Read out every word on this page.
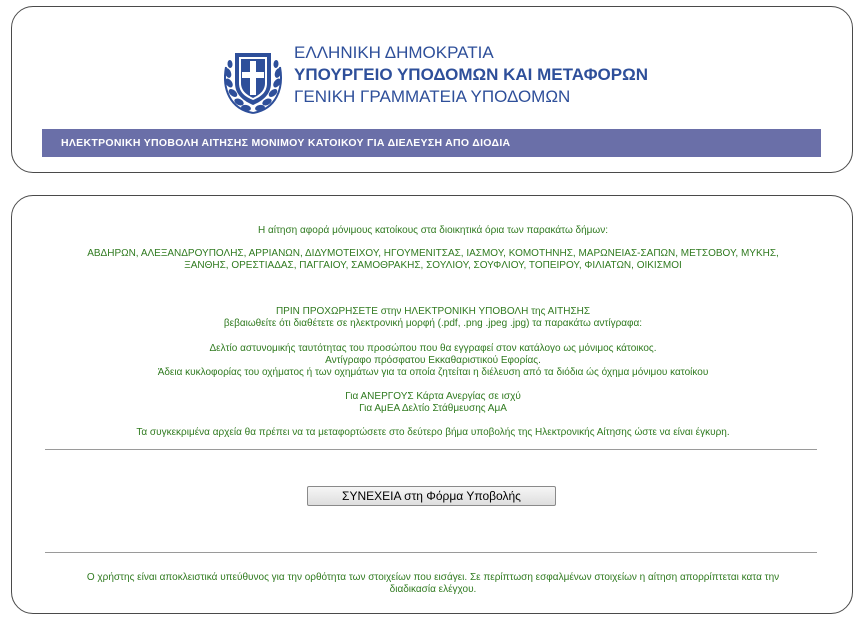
ΕΛΛΗΝΙΚΗ ΔΗΜΟΚΡΑΤΙΑ
ΥΠΟΥΡΓΕΙΟ ΥΠΟΔΟΜΩΝ ΚΑΙ ΜΕΤΑΦΟΡΩΝ
ΓΕΝΙΚΗ ΓΡΑΜΜΑΤΕΙΑ ΥΠΟΔΟΜΩΝ
ΗΛΕΚΤΡΟΝΙΚΗ ΥΠΟΒΟΛΗ ΑΙΤΗΣΗΣ ΜΟΝΙΜΟΥ ΚΑΤΟΙΚΟΥ ΓΙΑ ΔΙΕΛΕΥΣΗ ΑΠΟ ΔΙΟΔΙΑ
Η αίτηση αφορά μόνιμους κατοίκους στα διοικητικά όρια των παρακάτω δήμων:
ΑΒΔΗΡΩΝ, ΑΛΕΞΑΝΔΡΟΥΠΟΛΗΣ, ΑΡΡΙΑΝΩΝ, ΔΙΔΥΜΟΤΕΙΧΟΥ, ΗΓΟΥΜΕΝΙΤΣΑΣ, ΙΑΣΜΟΥ, ΚΟΜΟΤΗΝΗΣ, ΜΑΡΩΝΕΙΑΣ-ΣΑΠΩΝ, ΜΕΤΣΟΒΟΥ, ΜΥΚΗΣ,
ΞΑΝΘΗΣ, ΟΡΕΣΤΙΑΔΑΣ, ΠΑΓΓΑΙΟΥ, ΣΑΜΟΘΡΑΚΗΣ, ΣΟΥΛΙΟΥ, ΣΟΥΦΛΙΟΥ, ΤΟΠΕΙΡΟΥ, ΦΙΛΙΑΤΩΝ, ΟΙΚΙΣΜΟΙ
ΠΡΙΝ ΠΡΟΧΩΡΗΣΕΤΕ στην ΗΛΕΚΤΡΟΝΙΚΗ ΥΠΟΒΟΛΗ της ΑΙΤΗΣΗΣ
βεβαιωθείτε ότι διαθέτετε σε ηλεκτρονική μορφή (.pdf, .png .jpeg .jpg) τα παρακάτω αντίγραφα:
Δελτίο αστυνομικής ταυτότητας του προσώπου που θα εγγραφεί στον κατάλογο ως μόνιμος κάτοικος.
Αντίγραφο πρόσφατου Εκκαθαριστικού Εφορίας.
Άδεια κυκλοφορίας του οχήματος ή των οχημάτων για τα οποία ζητείται η διέλευση από τα διόδια ώς όχημα μόνιμου κατοίκου
Για ΑΝΕΡΓΟΥΣ Κάρτα Ανεργίας σε ισχύ
Για ΑμΕΑ Δελτίο Στάθμευσης ΑμΑ
Τα συγκεκριμένα αρχεία θα πρέπει να τα μεταφορτώσετε στο δεύτερο βήμα υποβολής της Ηλεκτρονικής Αίτησης ώστε να είναι έγκυρη.
ΣΥΝΕΧΕΙΑ στη Φόρμα Υποβολής
Ο χρήστης είναι αποκλειστικά υπεύθυνος για την ορθότητα των στοιχείων που εισάγει. Σε περίπτωση εσφαλμένων στοιχείων η αίτηση απορρίπτεται κατα την
διαδικασία ελέγχου.
